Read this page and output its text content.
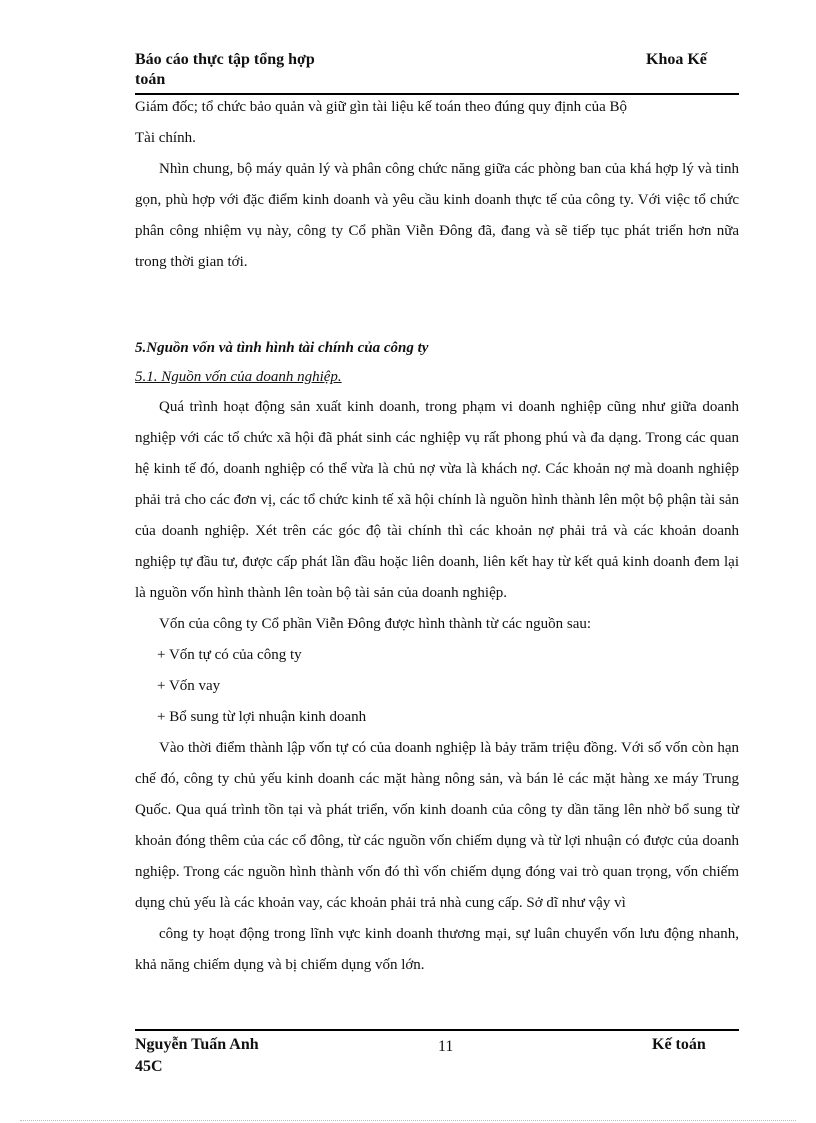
Báo cáo thực tập tổng hợp
toán
Khoa Kế

Giám đốc; tổ chức bảo quản và giữ gìn tài liệu kế toán theo đúng quy định của Bộ

Tài chính.

Nhìn chung, bộ máy quản lý và phân công chức năng giữa các phòng ban của khá hợp lý và tinh gọn, phù hợp với đặc điểm kinh doanh và yêu cầu kinh doanh thực tế của công ty. Với việc tổ chức phân công nhiệm vụ này, công ty Cổ phần Viễn Đông đã, đang và sẽ tiếp tục phát triển hơn nữa trong thời gian tới.

5.Nguồn vốn và tình hình tài chính của công ty

5.1. Nguồn vốn của doanh nghiệp.

Quá trình hoạt động sản xuất kinh doanh, trong phạm vi doanh nghiệp cũng như giữa doanh nghiệp với các tổ chức xã hội đã phát sinh các nghiệp vụ rất phong phú và đa dạng. Trong các quan hệ kinh tế đó, doanh nghiệp có thể vừa là chủ nợ vừa là khách nợ. Các khoản nợ mà doanh nghiệp phải trả cho các đơn vị, các tổ chức kinh tế xã hội chính là nguồn hình thành lên một bộ phận tài sản của doanh nghiệp. Xét trên các góc độ tài chính thì các khoản nợ phải trả và các khoản doanh nghiệp tự đầu tư, được cấp phát lần đầu hoặc liên doanh, liên kết hay từ kết quả kinh doanh đem lại là nguồn vốn hình thành lên toàn bộ tài sản của doanh nghiệp.

Vốn của công ty Cổ phần Viễn Đông được hình thành từ các nguồn sau:

+ Vốn tự có của công ty

+ Vốn vay

+ Bổ sung từ lợi nhuận kinh doanh

Vào thời điểm thành lập vốn tự có của doanh nghiệp là bảy trăm triệu đồng. Với số vốn còn hạn chế đó, công ty chủ yếu kinh doanh các mặt hàng nông sản, và bán lẻ các mặt hàng xe máy Trung Quốc. Qua quá trình tồn tại và phát triển, vốn kinh doanh của công ty dần tăng lên nhờ bổ sung từ khoản đóng thêm của các cổ đông, từ các nguồn vốn chiếm dụng và từ lợi nhuận có được của doanh nghiệp. Trong các nguồn hình thành vốn đó thì vốn chiếm dụng đóng vai trò quan trọng, vốn chiếm dụng chủ yếu là các khoản vay, các khoản phải trả nhà cung cấp. Sở dĩ như vậy vì

công ty hoạt động trong lĩnh vực kinh doanh thương mại, sự luân chuyển vốn lưu động nhanh, khả năng chiếm dụng và bị chiếm dụng vốn lớn.

Nguyễn Tuấn Anh
45C
11	Kế toán
